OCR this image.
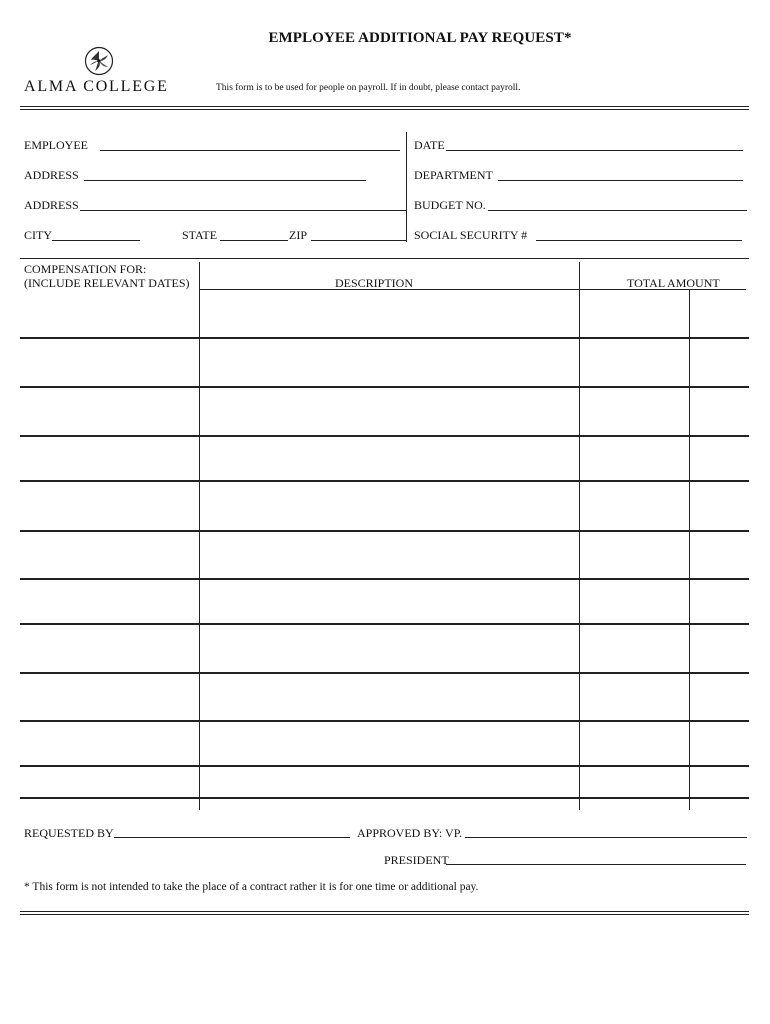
EMPLOYEE ADDITIONAL PAY REQUEST*
ALMA COLLEGE	This form is to be used for people on payroll. If in doubt, please contact payroll.
EMPLOYEE	DATE
ADDRESS	DEPARTMENT
ADDRESS	BUDGET NO.
CITY	STATE	ZIP	SOCIAL SECURITY #
COMPENSATION FOR:
(INCLUDE RELEVANT DATES)	DESCRIPTION	TOTAL AMOUNT
REQUESTED BY	APPROVED BY: VP.
PRESIDENT
* This form is not intended to take the place of a contract rather it is for one time or additional pay.
